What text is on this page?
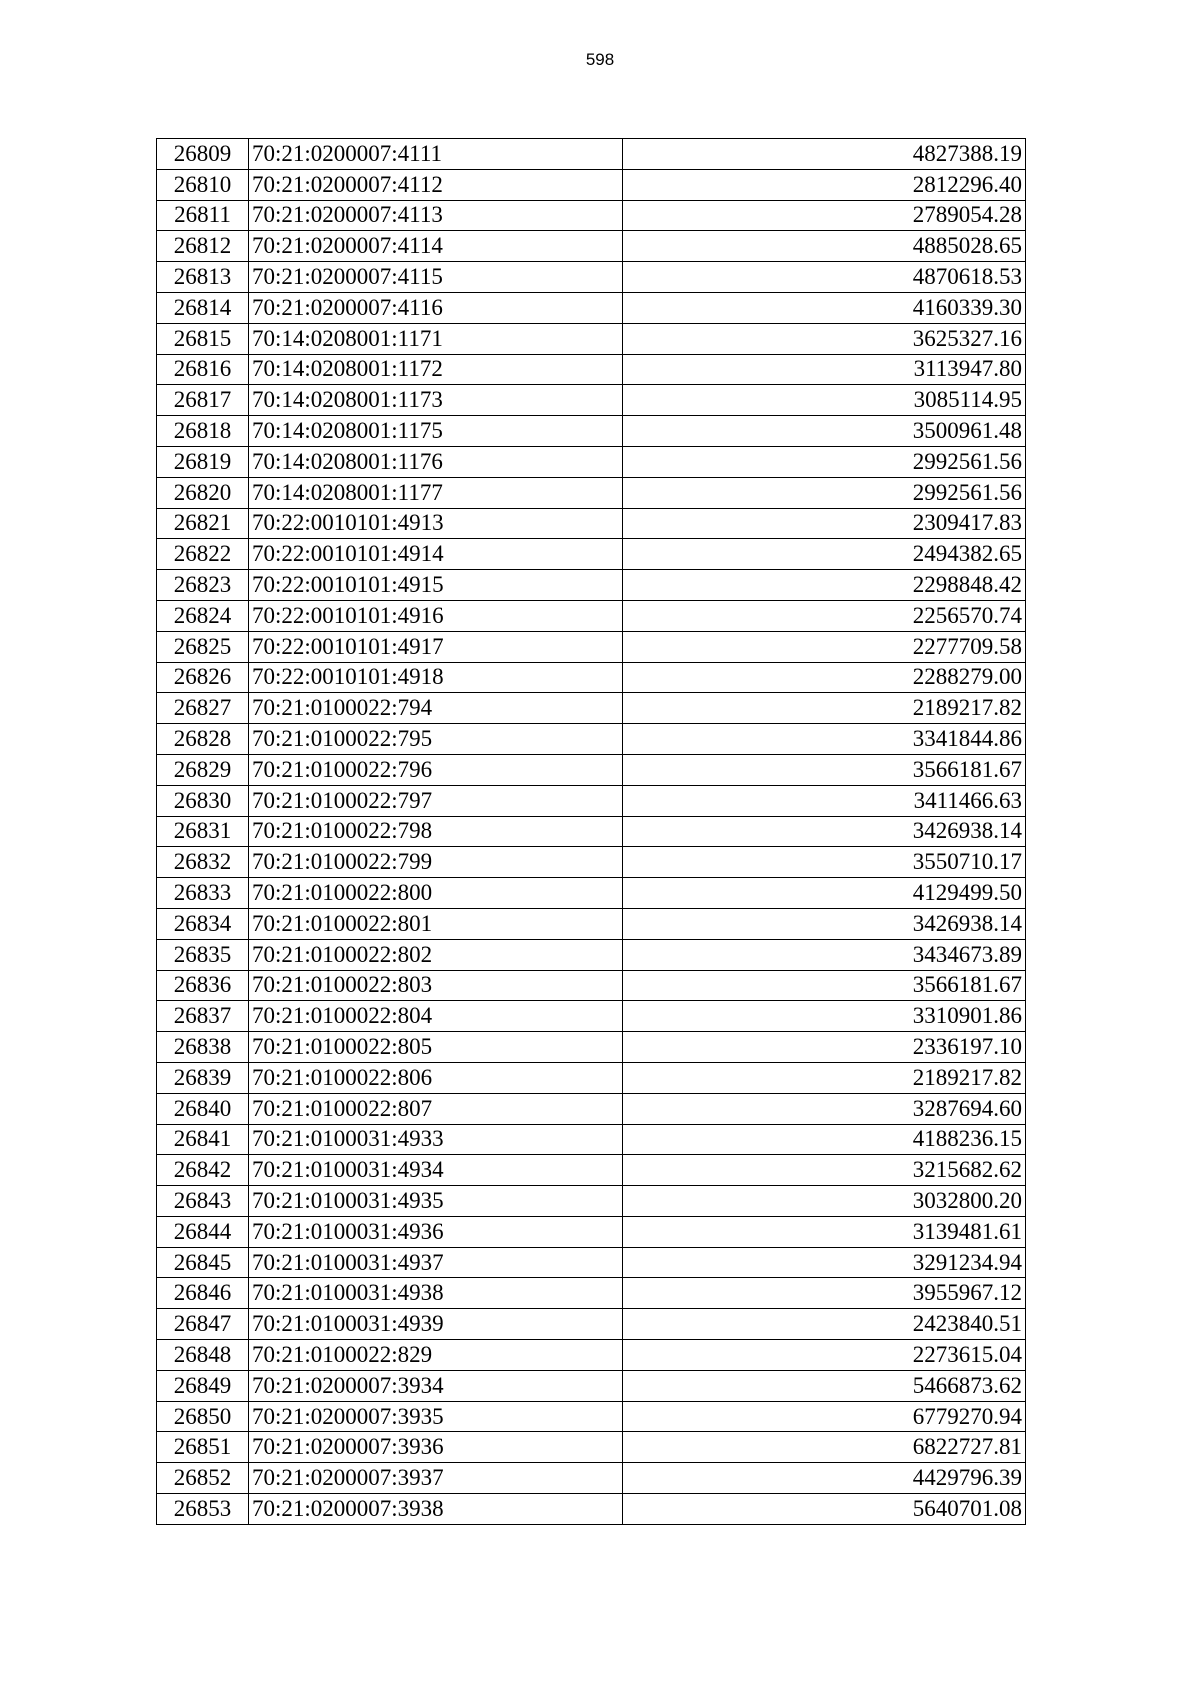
598
26809	70:21:0200007:4111	4827388.19
26810	70:21:0200007:4112	2812296.40
26811	70:21:0200007:4113	2789054.28
26812	70:21:0200007:4114	4885028.65
26813	70:21:0200007:4115	4870618.53
26814	70:21:0200007:4116	4160339.30
26815	70:14:0208001:1171	3625327.16
26816	70:14:0208001:1172	3113947.80
26817	70:14:0208001:1173	3085114.95
26818	70:14:0208001:1175	3500961.48
26819	70:14:0208001:1176	2992561.56
26820	70:14:0208001:1177	2992561.56
26821	70:22:0010101:4913	2309417.83
26822	70:22:0010101:4914	2494382.65
26823	70:22:0010101:4915	2298848.42
26824	70:22:0010101:4916	2256570.74
26825	70:22:0010101:4917	2277709.58
26826	70:22:0010101:4918	2288279.00
26827	70:21:0100022:794	2189217.82
26828	70:21:0100022:795	3341844.86
26829	70:21:0100022:796	3566181.67
26830	70:21:0100022:797	3411466.63
26831	70:21:0100022:798	3426938.14
26832	70:21:0100022:799	3550710.17
26833	70:21:0100022:800	4129499.50
26834	70:21:0100022:801	3426938.14
26835	70:21:0100022:802	3434673.89
26836	70:21:0100022:803	3566181.67
26837	70:21:0100022:804	3310901.86
26838	70:21:0100022:805	2336197.10
26839	70:21:0100022:806	2189217.82
26840	70:21:0100022:807	3287694.60
26841	70:21:0100031:4933	4188236.15
26842	70:21:0100031:4934	3215682.62
26843	70:21:0100031:4935	3032800.20
26844	70:21:0100031:4936	3139481.61
26845	70:21:0100031:4937	3291234.94
26846	70:21:0100031:4938	3955967.12
26847	70:21:0100031:4939	2423840.51
26848	70:21:0100022:829	2273615.04
26849	70:21:0200007:3934	5466873.62
26850	70:21:0200007:3935	6779270.94
26851	70:21:0200007:3936	6822727.81
26852	70:21:0200007:3937	4429796.39
26853	70:21:0200007:3938	5640701.08
